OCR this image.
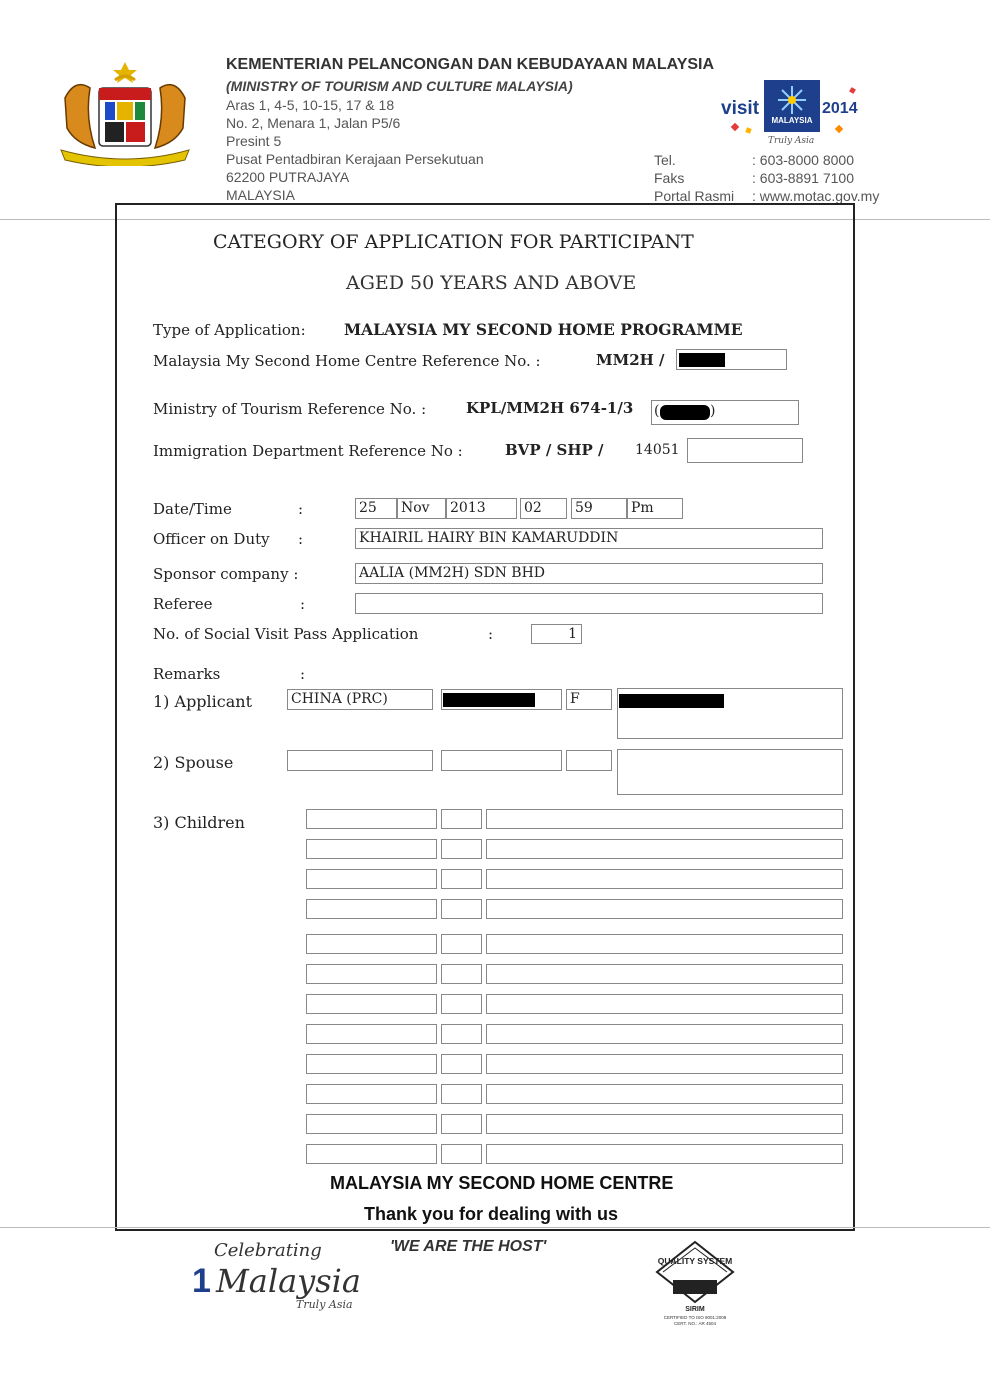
KEMENTERIAN PELANCONGAN DAN KEBUDAYAAN MALAYSIA
(MINISTRY OF TOURISM AND CULTURE MALAYSIA)
Aras 1, 4-5, 10-15, 17 & 18
No. 2, Menara 1, Jalan P5/6
Presint 5
Pusat Pentadbiran Kerajaan Persekutuan
62200 PUTRAJAYA
MALAYSIA
visit
MALAYSIA
2014
Truly Asia
Tel.	: 603-8000 8000
Faks	: 603-8891 7100
Portal Rasmi : www.motac.gov.my
CATEGORY OF APPLICATION FOR PARTICIPANT
AGED 50 YEARS AND ABOVE
Type of Application: MALAYSIA MY SECOND HOME PROGRAMME
Malaysia My Second Home Centre Reference No. :	MM2H /
Ministry of Tourism Reference No. :	KPL/MM2H 674-1/3 (	)
Immigration Department Reference No :	BVP / SHP / 14051
Date/Time	:	25	Nov	2013	02	59	Pm
Officer on Duty :	KHAIRIL HAIRY BIN KAMARUDDIN
Sponsor company :	AALIA (MM2H) SDN BHD
Referee	:
No. of Social Visit Pass Application	:	1
Remarks	:
1) Applicant	CHINA (PRC)	F
2) Spouse
3) Children
MALAYSIA MY SECOND HOME CENTRE
Thank you for dealing with us
'WE ARE THE HOST'
Celebrating
1 Malaysia
Truly Asia
QUALITY SYSTEM
SIRIM
CERTIFIED TO ISO 9001:2008
CERT. NO.: AR 4504
